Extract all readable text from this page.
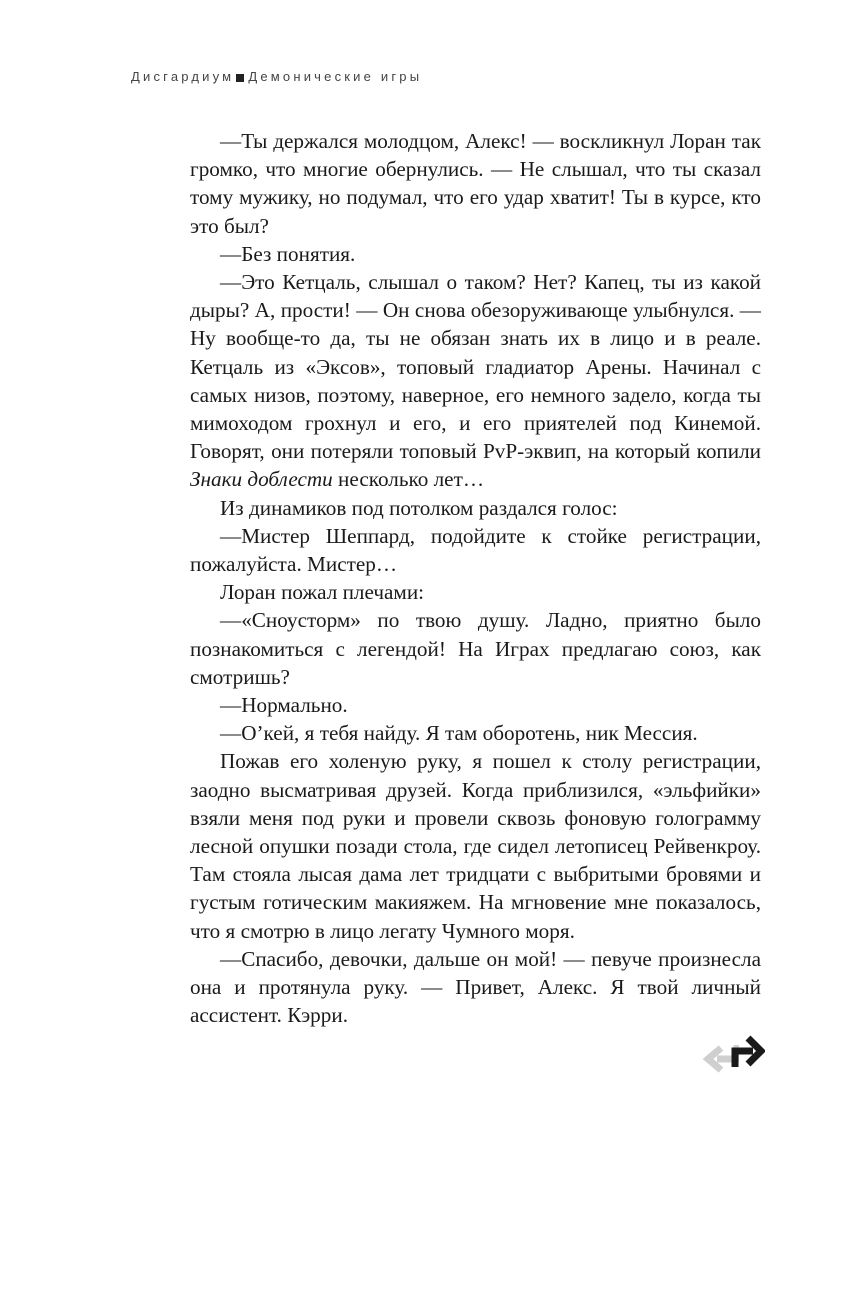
Дисгардиум Демонические игры

—Ты держался молодцом, Алекс! — воскликнул Лоран так громко, что многие обернулись. — Не слышал, что ты сказал тому мужику, но подумал, что его удар хватит! Ты в курсе, кто это был?

—Без понятия.

—Это Кетцаль, слышал о таком? Нет? Капец, ты из какой дыры? А, прости! — Он снова обезоруживающе улыбнулся. — Ну вообще-то да, ты не обязан знать их в лицо и в реале. Кетцаль из «Эксов», топовый гладиатор Арены. Начинал с самых низов, поэтому, наверное, его немного задело, когда ты мимоходом грохнул и его, и его приятелей под Кинемой. Говорят, они потеряли топовый PvP-эквип, на который копили Знаки доблести несколько лет…

Из динамиков под потолком раздался голос:

—Мистер Шеппард, подойдите к стойке регистрации, пожалуйста. Мистер…

Лоран пожал плечами:

—«Сноусторм» по твою душу. Ладно, приятно было познакомиться с легендой! На Играх предлагаю союз, как смотришь?

—Нормально.

—О’кей, я тебя найду. Я там оборотень, ник Мессия.

Пожав его холеную руку, я пошел к столу регистрации, заодно высматривая друзей. Когда приблизился, «эльфийки» взяли меня под руки и провели сквозь фоновую голограмму лесной опушки позади стола, где сидел летописец Рейвенкроу. Там стояла лысая дама лет тридцати с выбритыми бровями и густым готическим макияжем. На мгновение мне показалось, что я смотрю в лицо легату Чумного моря.

—Спасибо, девочки, дальше он мой! — певуче произнесла она и протянула руку. — Привет, Алекс. Я твой личный ассистент. Кэрри.
